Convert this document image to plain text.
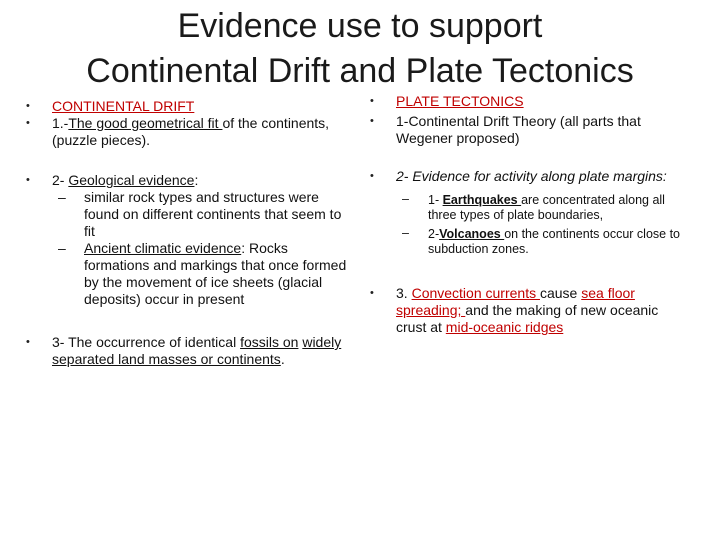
Evidence use to support
Continental Drift and Plate Tectonics
• CONTINENTAL DRIFT
• 1.-The good geometrical fit of the continents, (puzzle pieces).
• 2- Geological evidence:
– similar rock types and structures were found on different continents that seem to fit
– Ancient climatic evidence: Rocks formations and markings that once formed by the movement of ice sheets (glacial deposits) occur in present
• 3- The occurrence of identical fossils on widely separated land masses or continents.
• PLATE TECTONICS
• 1-Continental Drift Theory (all parts that Wegener proposed)
• 2- Evidence for activity along plate margins:
– 1- Earthquakes are concentrated along all three types of plate boundaries,
– 2-Volcanoes on the continents occur close to subduction zones.
• 3. Convection currents cause sea floor spreading; and the making of new oceanic crust at mid-oceanic ridges
